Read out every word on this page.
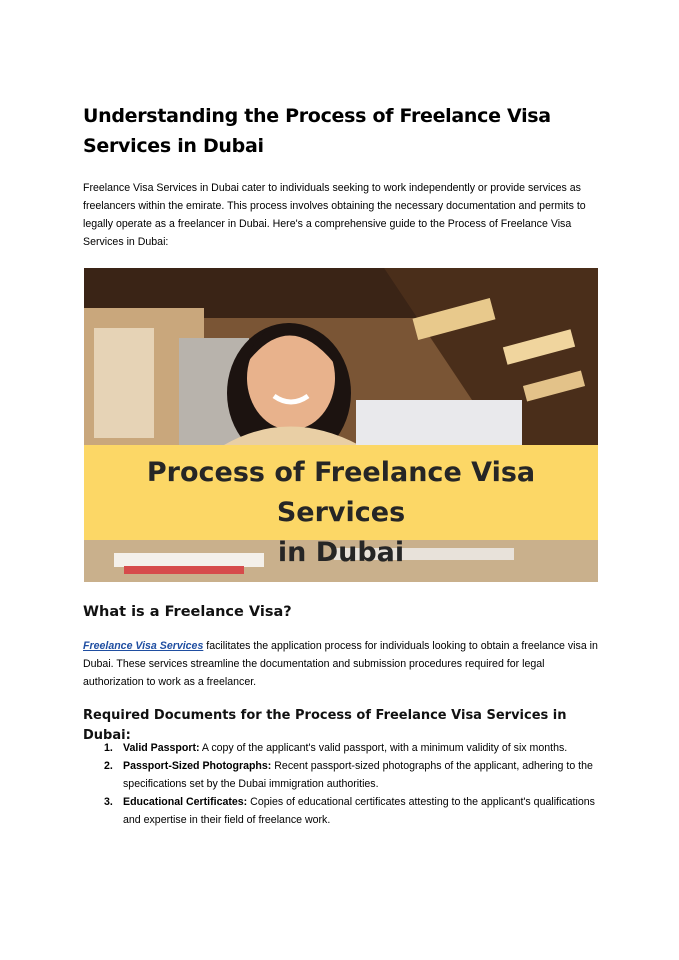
Understanding the Process of Freelance Visa Services in Dubai

Freelance Visa Services in Dubai cater to individuals seeking to work independently or provide services as freelancers within the emirate. This process involves obtaining the necessary documentation and permits to legally operate as a freelancer in Dubai. Here's a comprehensive guide to the Process of Freelance Visa Services in Dubai:

Process of Freelance Visa Services
in Dubai
What is a Freelance Visa?

Freelance Visa Services facilitates the application process for individuals looking to obtain a freelance visa in Dubai. These services streamline the documentation and submission procedures required for legal authorization to work as a freelancer.

Required Documents for the Process of Freelance Visa Services in Dubai:
1. Valid Passport: A copy of the applicant's valid passport, with a minimum validity of six months.
2. Passport-Sized Photographs: Recent passport-sized photographs of the applicant, adhering to the specifications set by the Dubai immigration authorities.
3. Educational Certificates: Copies of educational certificates attesting to the applicant's qualifications and expertise in their field of freelance work.
